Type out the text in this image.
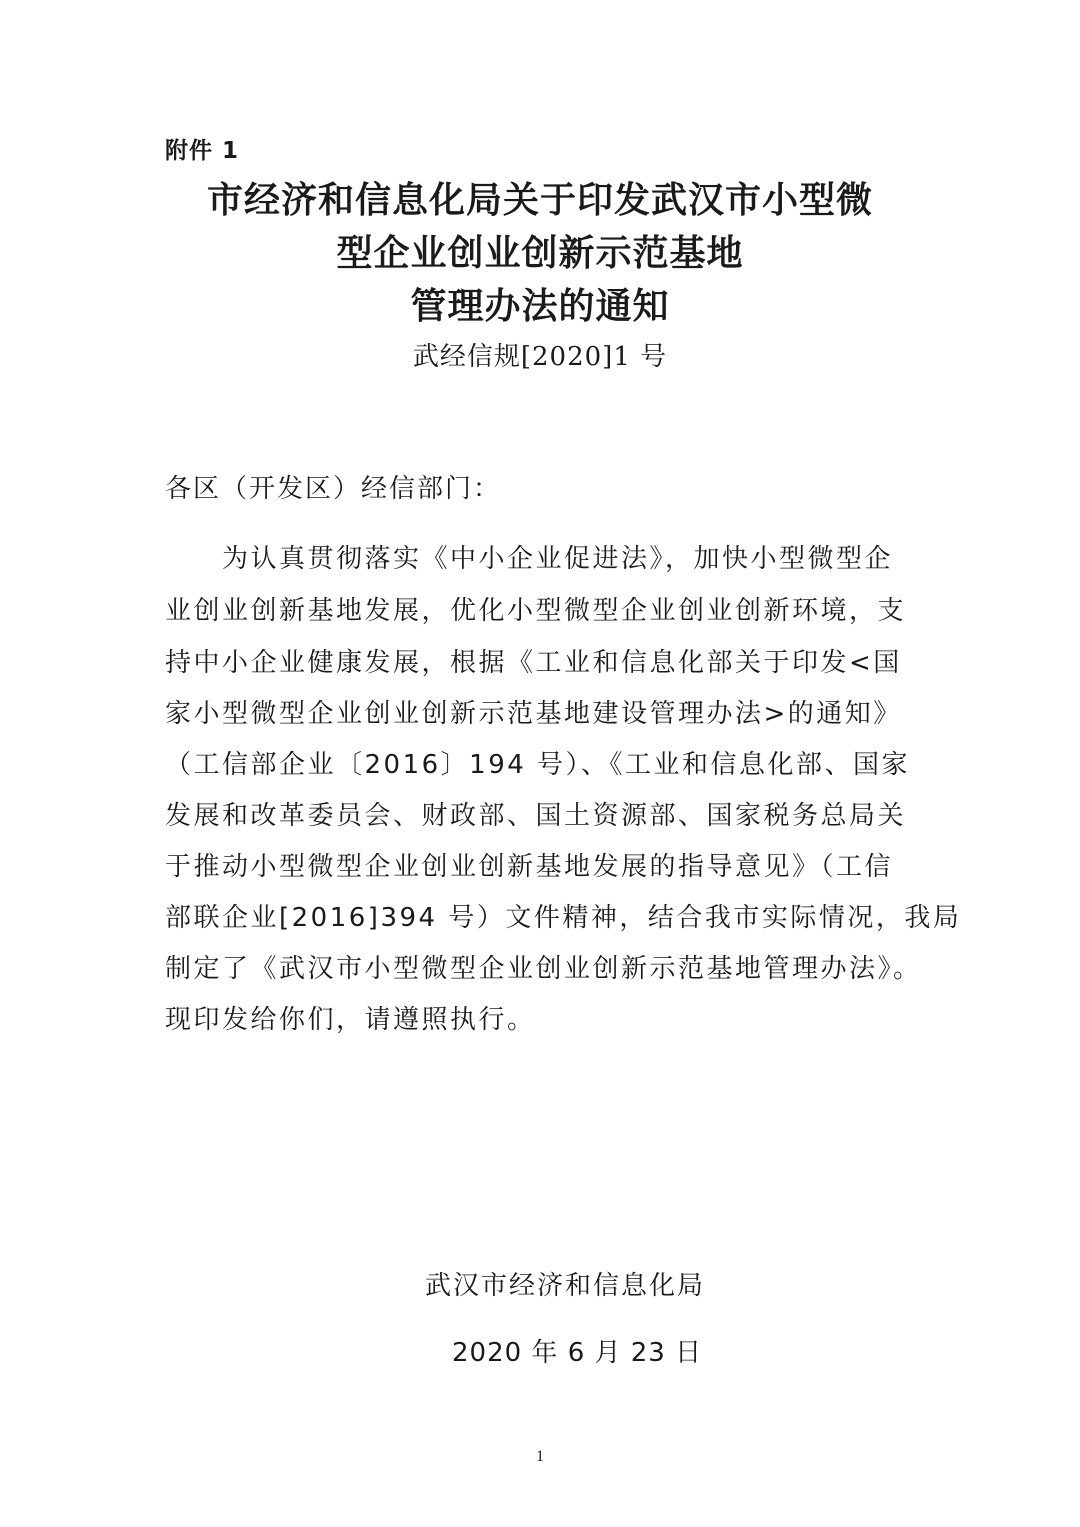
附件 1
市经济和信息化局关于印发武汉市小型微
型企业创业创新示范基地
管理办法的通知
武经信规[2020]1 号
各区（开发区）经信部门：
为认真贯彻落实《中小企业促进法》，加快小型微型企
业创业创新基地发展，优化小型微型企业创业创新环境，支
持中小企业健康发展，根据《工业和信息化部关于印发<国
家小型微型企业创业创新示范基地建设管理办法>的通知》
（工信部企业〔2016〕194 号）、《工业和信息化部、国家
发展和改革委员会、财政部、国土资源部、国家税务总局关
于推动小型微型企业创业创新基地发展的指导意见》（工信
部联企业[2016]394 号）文件精神，结合我市实际情况，我局
制定了《武汉市小型微型企业创业创新示范基地管理办法》。
现印发给你们，请遵照执行。
武汉市经济和信息化局
2020 年 6 月 23 日
1
